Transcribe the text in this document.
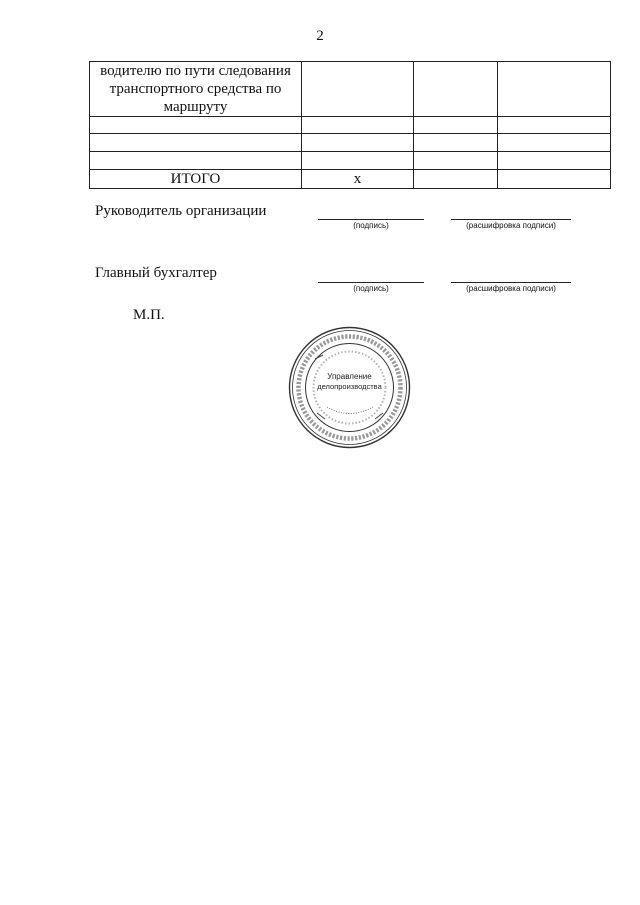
2
водителю по пути следования транспортного средства по маршруту			

ИТОГО	х		
Руководитель организации
(подпись)	(расшифровка подписи)
Главный бухгалтер
(подпись)	(расшифровка подписи)
М.П.
Управление
делопроизводства
